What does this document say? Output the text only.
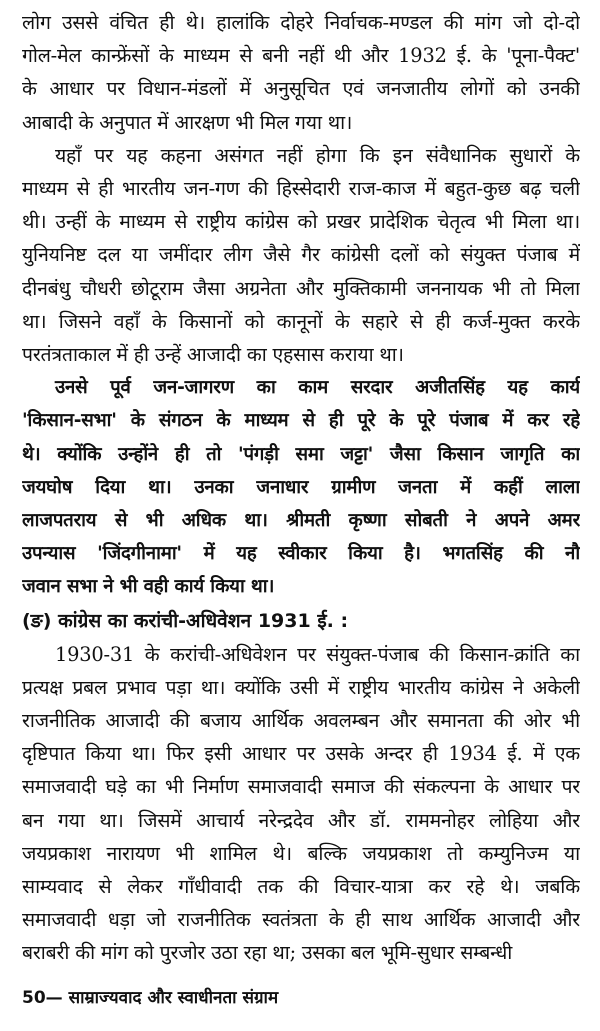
लोग उससे वंचित ही थे। हालांकि दोहरे निर्वाचक-मण्डल की मांग जो दो-दो
गोल-मेल कान्फ्रेंसों के माध्यम से बनी नहीं थी और 1932 ई. के 'पूना-पैक्ट'
के आधार पर विधान-मंडलों में अनुसूचित एवं जनजातीय लोगों को उनकी
आबादी के अनुपात में आरक्षण भी मिल गया था।

यहाँ पर यह कहना असंगत नहीं होगा कि इन संवैधानिक सुधारों के
माध्यम से ही भारतीय जन-गण की हिस्सेदारी राज-काज में बहुत-कुछ बढ़ चली
थी। उन्हीं के माध्यम से राष्ट्रीय कांग्रेस को प्रखर प्रादेशिक चेतृत्व भी मिला था।
युनियनिष्ट दल या जमींदार लीग जैसे गैर कांग्रेसी दलों को संयुक्त पंजाब में
दीनबंधु चौधरी छोटूराम जैसा अग्रनेता और मुक्तिकामी जननायक भी तो मिला
था। जिसने वहाँ के किसानों को कानूनों के सहारे से ही कर्ज-मुक्त करके
परतंत्रताकाल में ही उन्हें आजादी का एहसास कराया था।

उनसे पूर्व जन-जागरण का काम सरदार अजीतसिंह यह कार्य
'किसान-सभा' के संगठन के माध्यम से ही पूरे के पूरे पंजाब में कर रहे
थे। क्योंकि उन्होंने ही तो 'पंगड़ी समा जट्टा' जैसा किसान जागृति का
जयघोष दिया था। उनका जनाधार ग्रामीण जनता में कहीं लाला
लाजपतराय से भी अधिक था। श्रीमती कृष्णा सोबती ने अपने अमर
उपन्यास 'जिंदगीनामा' में यह स्वीकार किया है। भगतसिंह की नौ
जवान सभा ने भी वही कार्य किया था।

(ङ) कांग्रेस का करांची-अधिवेशन 1931 ई. :

1930-31 के करांची-अधिवेशन पर संयुक्त-पंजाब की किसान-क्रांति का
प्रत्यक्ष प्रबल प्रभाव पड़ा था। क्योंकि उसी में राष्ट्रीय भारतीय कांग्रेस ने अकेली
राजनीतिक आजादी की बजाय आर्थिक अवलम्बन और समानता की ओर भी
दृष्टिपात किया था। फिर इसी आधार पर उसके अन्दर ही 1934 ई. में एक
समाजवादी घड़े का भी निर्माण समाजवादी समाज की संकल्पना के आधार पर
बन गया था। जिसमें आचार्य नरेन्द्रदेव और डॉ. राममनोहर लोहिया और
जयप्रकाश नारायण भी शामिल थे। बल्कि जयप्रकाश तो कम्युनिज्म या
साम्यवाद से लेकर गाँधीवादी तक की विचार-यात्रा कर रहे थे। जबकि
समाजवादी धड़ा जो राजनीतिक स्वतंत्रता के ही साथ आर्थिक आजादी और
बराबरी की मांग को पुरजोर उठा रहा था; उसका बल भूमि-सुधार सम्बन्धी

50— साम्राज्यवाद और स्वाधीनता संग्राम
